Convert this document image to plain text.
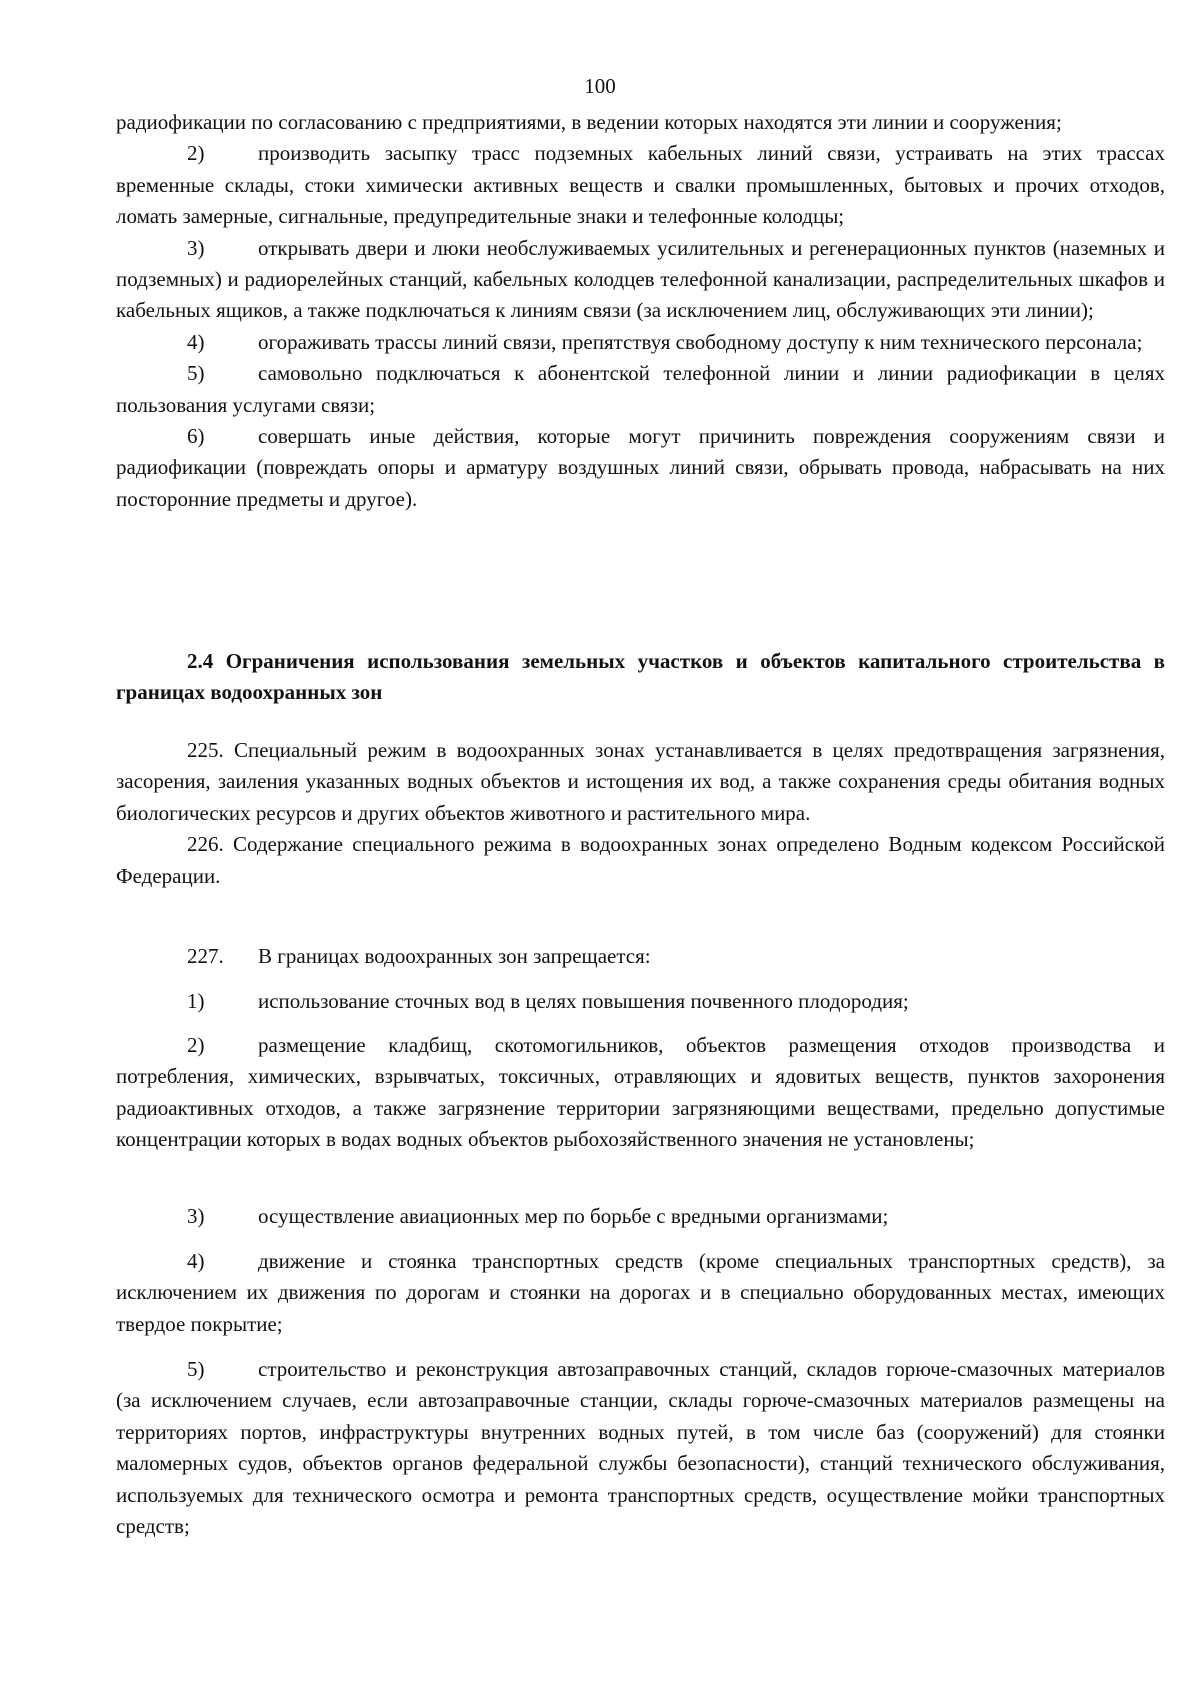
100

радиофикации по согласованию с предприятиями, в ведении которых находятся эти линии и сооружения;

2)	производить засыпку трасс подземных кабельных линий связи, устраивать на этих трассах временные склады, стоки химически активных веществ и свалки промышленных, бытовых и прочих отходов, ломать замерные, сигнальные, предупредительные знаки и телефонные колодцы;

3)	открывать двери и люки необслуживаемых усилительных и регенерационных пунктов (наземных и подземных) и радиорелейных станций, кабельных колодцев телефонной канализации, распределительных шкафов и кабельных ящиков, а также подключаться к линиям связи (за исключением лиц, обслуживающих эти линии);

4)	огораживать трассы линий связи, препятствуя свободному доступу к ним технического персонала;

5)	самовольно подключаться к абонентской телефонной линии и линии радиофикации в целях пользования услугами связи;

6)	совершать иные действия, которые могут причинить повреждения сооружениям связи и радиофикации (повреждать опоры и арматуру воздушных линий связи, обрывать провода, набрасывать на них посторонние предметы и другое).

2.4 Ограничения использования земельных участков и объектов капитального строительства в границах водоохранных зон

225. Специальный режим в водоохранных зонах устанавливается в целях предотвращения загрязнения, засорения, заиления указанных водных объектов и истощения их вод, а также сохранения среды обитания водных биологических ресурсов и других объектов животного и растительного мира.

226. Содержание специального режима в водоохранных зонах определено Водным кодексом Российской Федерации.

227. В границах водоохранных зон запрещается:

1)	использование сточных вод в целях повышения почвенного плодородия;

2)	размещение кладбищ, скотомогильников, объектов размещения отходов производства и потребления, химических, взрывчатых, токсичных, отравляющих и ядовитых веществ, пунктов захоронения радиоактивных отходов, а также загрязнение территории загрязняющими веществами, предельно допустимые концентрации которых в водах водных объектов рыбохозяйственного значения не установлены;

3)	осуществление авиационных мер по борьбе с вредными организмами;

4)	движение и стоянка транспортных средств (кроме специальных транспортных средств), за исключением их движения по дорогам и стоянки на дорогах и в специально оборудованных местах, имеющих твердое покрытие;

5)	строительство и реконструкция автозаправочных станций, складов горюче-смазочных материалов (за исключением случаев, если автозаправочные станции, склады горюче-смазочных материалов размещены на территориях портов, инфраструктуры внутренних водных путей, в том числе баз (сооружений) для стоянки маломерных судов, объектов органов федеральной службы безопасности), станций технического обслуживания, используемых для технического осмотра и ремонта транспортных средств, осуществление мойки транспортных средств;
